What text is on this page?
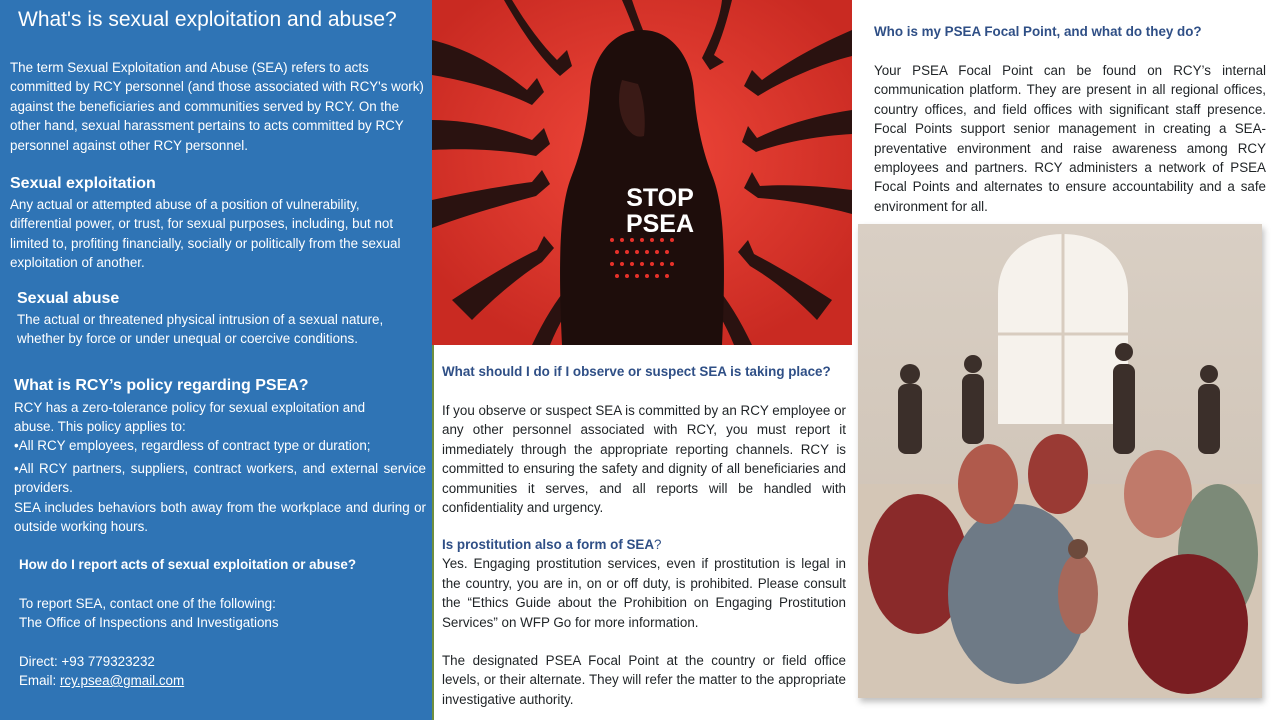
What's is sexual exploitation and abuse?

The term Sexual Exploitation and Abuse (SEA) refers to acts committed by RCY personnel (and those associated with RCY's work) against the beneficiaries and communities served by RCY. On the other hand, sexual harassment pertains to acts committed by RCY personnel against other RCY personnel.

Sexual exploitation

Any actual or attempted abuse of a position of vulnerability, differential power, or trust, for sexual purposes, including, but not limited to, profiting financially, socially or politically from the sexual exploitation of another.

Sexual abuse

The actual or threatened physical intrusion of a sexual nature, whether by force or under unequal or coercive conditions.

What is RCY’s policy regarding PSEA?

RCY has a zero-tolerance policy for sexual exploitation and abuse. This policy applies to:

•All RCY employees, regardless of contract type or duration;

•All RCY partners, suppliers, contract workers, and external service providers.

SEA includes behaviors both away from the workplace and during or outside working hours.

How do I report acts of sexual exploitation or abuse?

To report SEA, contact one of the following:

The Office of Inspections and Investigations

Direct: +93 779323232

Email: rcy.psea@gmail.com

STOP
PSEA

What should I do if I observe or suspect SEA is taking place?

If you observe or suspect SEA is committed by an RCY employee or any other personnel associated with RCY, you must report it immediately through the appropriate reporting channels. RCY is committed to ensuring the safety and dignity of all beneficiaries and communities it serves, and all reports will be handled with confidentiality and urgency.

Is prostitution also a form of SEA?

Yes. Engaging prostitution services, even if prostitution is legal in the country, you are in, on or off duty, is prohibited. Please consult the “Ethics Guide about the Prohibition on Engaging Prostitution Services” on WFP Go for more information.

The designated PSEA Focal Point at the country or field office levels, or their alternate. They will refer the matter to the appropriate investigative authority.

Who is my PSEA Focal Point, and what do they do?

Your PSEA Focal Point can be found on RCY’s internal communication platform. They are present in all regional offices, country offices, and field offices with significant staff presence. Focal Points support senior management in creating a SEA-preventative environment and raise awareness among RCY employees and partners. RCY administers a network of PSEA Focal Points and alternates to ensure accountability and a safe environment for all.
